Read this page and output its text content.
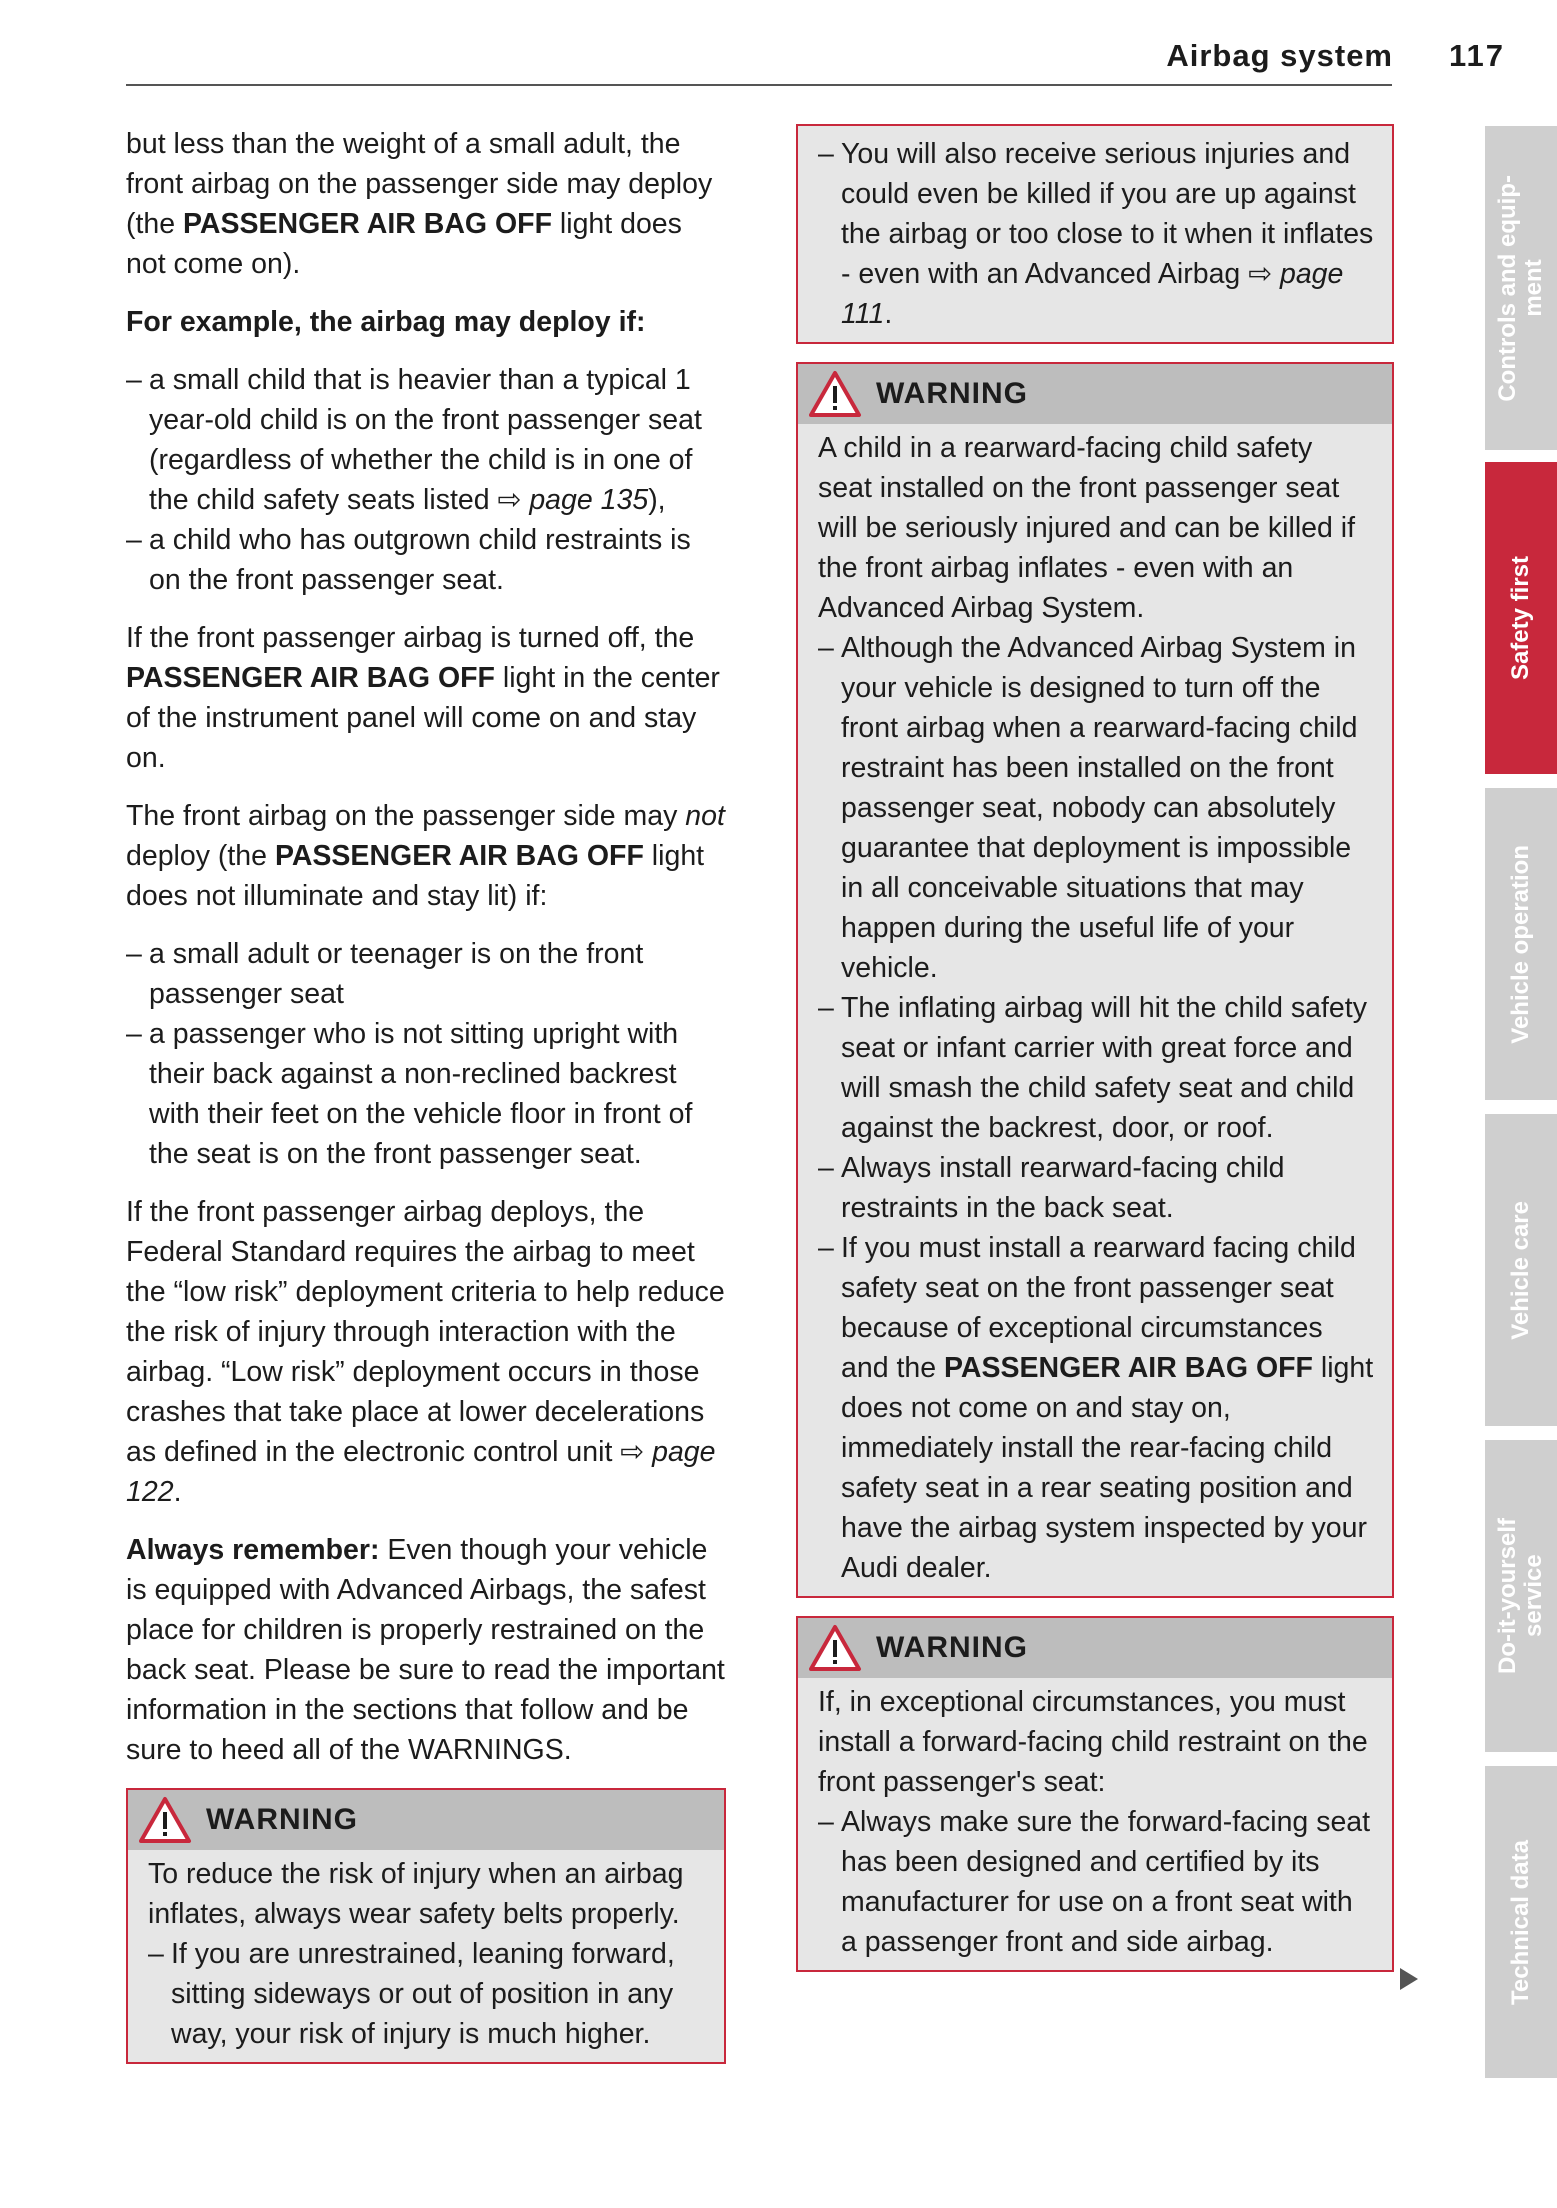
Airbag system 117

but less than the weight of a small adult, the front airbag on the passenger side may deploy (the PASSENGER AIR BAG OFF light does not come on).

For example, the airbag may deploy if:

– a small child that is heavier than a typical 1 year-old child is on the front passenger seat (regardless of whether the child is in one of the child safety seats listed ⇨ page 135),
– a child who has outgrown child restraints is on the front passenger seat.

If the front passenger airbag is turned off, the PASSENGER AIR BAG OFF light in the center of the instrument panel will come on and stay on.

The front airbag on the passenger side may not deploy (the PASSENGER AIR BAG OFF light does not illuminate and stay lit) if:

– a small adult or teenager is on the front passenger seat
– a passenger who is not sitting upright with their back against a non-reclined backrest with their feet on the vehicle floor in front of the seat is on the front passenger seat.

If the front passenger airbag deploys, the Federal Standard requires the airbag to meet the “low risk” deployment criteria to help reduce the risk of injury through interaction with the airbag. “Low risk” deployment occurs in those crashes that take place at lower decelerations as defined in the electronic control unit ⇨ page 122.

Always remember: Even though your vehicle is equipped with Advanced Airbags, the safest place for children is properly restrained on the back seat. Please be sure to read the important information in the sections that follow and be sure to heed all of the WARNINGS.

WARNING

To reduce the risk of injury when an airbag inflates, always wear safety belts properly.

– If you are unrestrained, leaning forward, sitting sideways or out of position in any way, your risk of injury is much higher.
– You will also receive serious injuries and could even be killed if you are up against the airbag or too close to it when it inflates - even with an Advanced Airbag ⇨ page 111.
WARNING

A child in a rearward-facing child safety seat installed on the front passenger seat will be seriously injured and can be killed if the front airbag inflates - even with an Advanced Airbag System.

– Although the Advanced Airbag System in your vehicle is designed to turn off the front airbag when a rearward-facing child restraint has been installed on the front passenger seat, nobody can absolutely guarantee that deployment is impossible in all conceivable situations that may happen during the useful life of your vehicle.
– The inflating airbag will hit the child safety seat or infant carrier with great force and will smash the child safety seat and child against the backrest, door, or roof.
– Always install rearward-facing child restraints in the back seat.
– If you must install a rearward facing child safety seat on the front passenger seat because of exceptional circumstances and the PASSENGER AIR BAG OFF light does not come on and stay on, immediately install the rear-facing child safety seat in a rear seating position and have the airbag system inspected by your Audi dealer.
WARNING

If, in exceptional circumstances, you must install a forward-facing child restraint on the front passenger's seat:

– Always make sure the forward-facing seat has been designed and certified by its manufacturer for use on a front seat with a passenger front and side airbag.
Controls and equip-
ment
Safety first
Vehicle operation
Vehicle care
Do-it-yourself
service
Technical data
